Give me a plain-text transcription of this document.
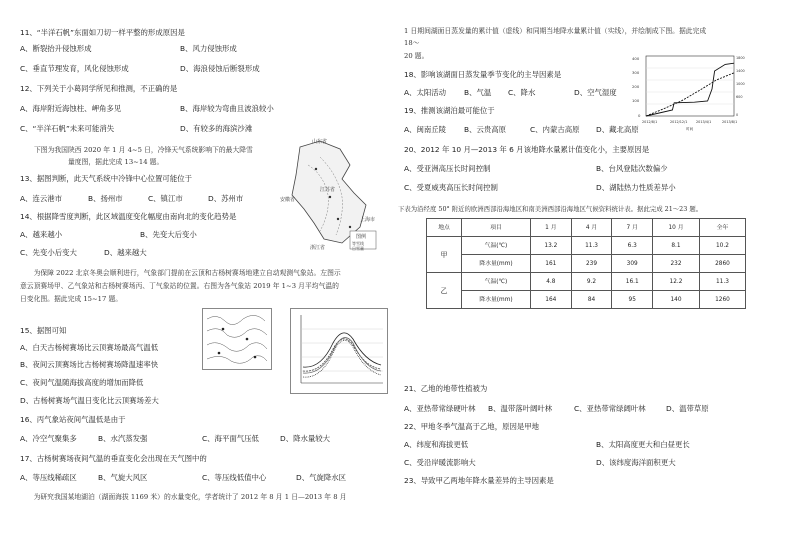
11、“半洋石帆”东面如刀切一样平整的形成原因是
A、断裂抬升侵蚀形成	B、风力侵蚀形成
C、垂直节理发育，风化侵蚀形成	D、海浪侵蚀后断裂形成
12、下列关于小葛同学所见和推测，不正确的是
A、海岸附近海蚀柱、岬角多见	B、海岸较为弯曲且波浪较小
C、“半洋石帆”未来可能消失	D、有较多的海滨沙滩
下图为我国陕西 2020 年 1 月 4~5 日，冷锋天气系统影响下的最大降雪
　　　　　量度图，据此完成 13~14 题。
山东省
安徽省
江苏省
上海市
浙江省
图例
等雪线
日雪量
13、据图判断，此天气系统中冷锋中心位置可能位于
A、连云港市	B、扬州市	C、镇江市	D、苏州市
14、根据降雪度判断，此区域温度变化幅度由南向北的变化趋势是
A、越来越小	B、先变大后变小
C、先变小后变大	D、越来越大
　　为保障 2022 北京冬奥会顺利进行，气象部门提前在云顶和古杨树赛场地建立自动观测气象站。左图示
意云顶赛场甲、乙气象站和古杨树赛场丙、丁气象站的位置。右图为各气象站 2019 年 1~3 月平均气温的
日变化图。据此完成 15~17 题。
15、据图可知
A、白天古杨树赛场比云顶赛场最高气温低
B、夜间云顶赛场比古杨树赛场降温速率快
C、夜间气温随海拔高度的增加而降低
D、古杨树赛场气温日变化比云顶赛场差大
16、丙气象站夜间气温低是由于
A、冷空气聚集多	B、水汽蒸发强	C、海平面气压低	D、降水量较大
17、古杨树赛场夜间气温的垂直变化会出现在天气图中的
A、等压线稀疏区	B、气旋大风区	C、等压线低值中心	D、气旋降水区
　　为研究我国某地湖泊（湖面海拔 1169 米）的水量变化，学者统计了 2012 年 8 月 1 日—2013 年 8 月
1 日期间湖面日蒸发量的累计值（虚线）和同期当地降水量累计值（实线），并绘制成下图。据此完成
18～
20 题。	400
300
200
100
0
1800
1400
1000
600
0
2012/8/1	2012/12/1	2013/4/1	2013/8/1
时间
18、影响该湖面日蒸发量季节变化的主导因素是
A、太阳活动 B、气温 C、降水	D、空气湿度
19、推测该湖泊最可能位于
A、闽南丘陵 B、云贵高原	C、内蒙古高原 D、藏北高原
20、2012 年 10 月—2013 年 6 月该地降水量累计值变化小，主要原因是
A、受亚洲高压长时间控制	B、台风登陆次数偏少
C、受夏威夷高压长时间控制	D、湖陆热力性质差异小
下表为沿经度 50° 附近的欧洲西部沿海地区和南美洲西部沿海地区气候资料统计表。据此完成 21～23 题。
地点	项目	1 月	4 月	7 月	10 月	全年
甲	气温(℃)	13.2	11.3	6.3	8.1	10.2
	降水量(mm)	161	239	309	232	2860
乙	气温(℃)	4.8	9.2	16.1	12.2	11.3
	降水量(mm)	164	84	95	140	1260
21、乙地的地带性植被为
A、亚热带常绿硬叶林 B、温带落叶阔叶林	C、亚热带常绿阔叶林	D、温带草原
22、甲地冬季气温高于乙地，原因是甲地
A、纬度和海拔更低	B、太阳高度更大和白昼更长
C、受沿岸暖流影响大	D、该纬度海洋面积更大
23、导致甲乙两地年降水量差异的主导因素是
